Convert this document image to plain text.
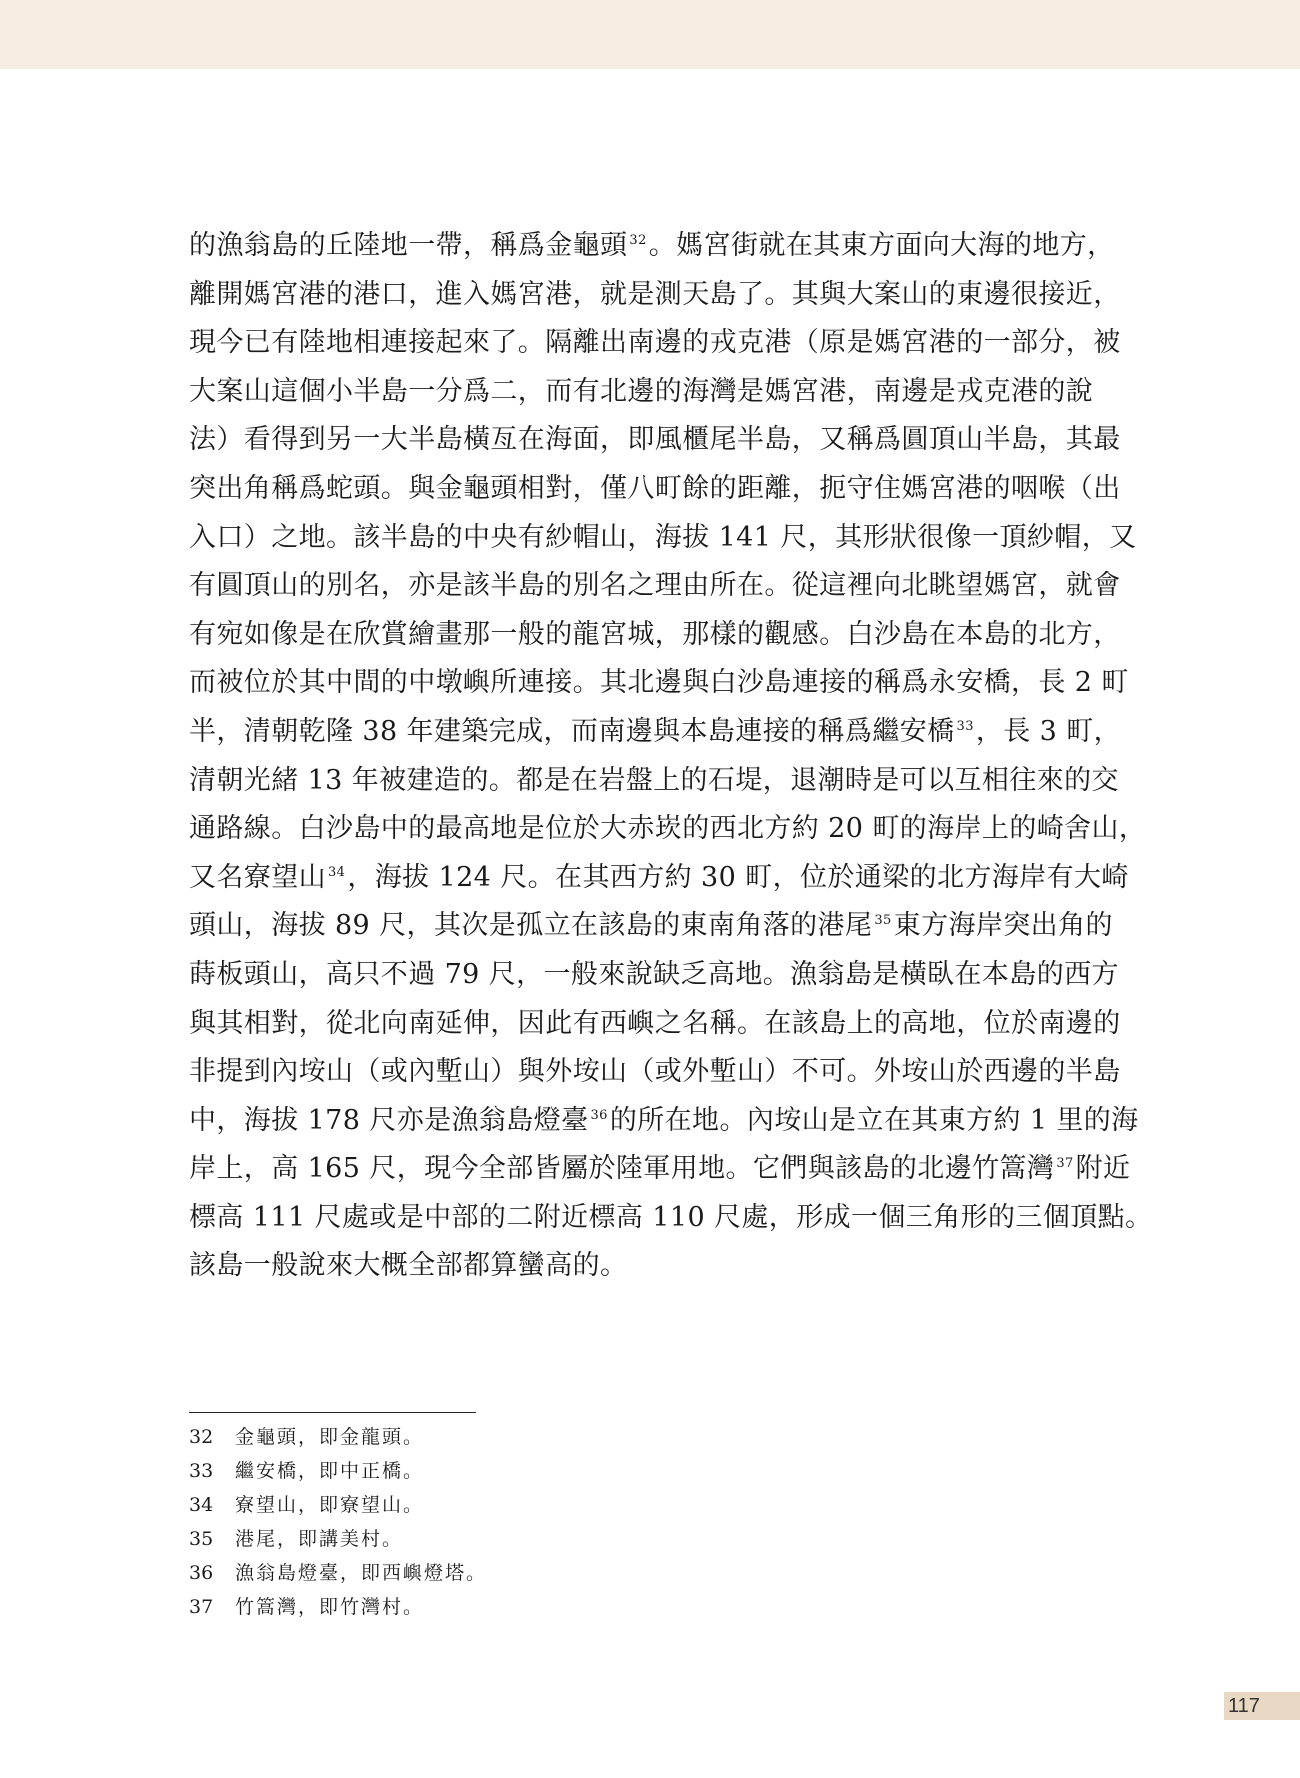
的漁翁島的丘陸地一帶，稱爲金龜頭 $^{32}$。媽宮街就在其東方面向大海的地方，
離開媽宮港的港口，進入媽宮港，就是測天島了。其與大案山的東邊很接近，
現今已有陸地相連接起來了。隔離出南邊的戎克港（原是媽宮港的一部分，被
大案山這個小半島一分爲二，而有北邊的海灣是媽宮港，南邊是戎克港的說
法）看得到另一大半島橫亙在海面，即風櫃尾半島，又稱爲圓頂山半島，其最
突出角稱爲蛇頭。與金龜頭相對，僅八町餘的距離，扼守住媽宮港的咽喉（出
入口）之地。該半島的中央有紗帽山，海拔 141 尺，其形狀很像一頂紗帽，又
有圓頂山的別名，亦是該半島的別名之理由所在。從這裡向北眺望媽宮，就會
有宛如像是在欣賞繪畫那一般的龍宮城，那樣的觀感。白沙島在本島的北方，
而被位於其中間的中墩嶼所連接。其北邊與白沙島連接的稱爲永安橋，長 2 町
半，清朝乾隆 38 年建築完成，而南邊與本島連接的稱爲繼安橋 $^{33}$，長 3 町，
清朝光緒 13 年被建造的。都是在岩盤上的石堤，退潮時是可以互相往來的交
通路線。白沙島中的最高地是位於大赤崁的西北方約 20 町的海岸上的崎舍山，
又名寮望山 $^{34}$，海拔 124 尺。在其西方約 30 町，位於通梁的北方海岸有大崎
頭山，海拔 89 尺，其次是孤立在該島的東南角落的港尾 $^{35}$東方海岸突出角的
蒔板頭山，高只不過 79 尺，一般來說缺乏高地。漁翁島是橫臥在本島的西方
與其相對，從北向南延伸，因此有西嶼之名稱。在該島上的高地，位於南邊的
非提到內垵山（或內塹山）與外垵山（或外塹山）不可。外垵山於西邊的半島
中，海拔 178 尺亦是漁翁島燈臺 $^{36}$的所在地。內垵山是立在其東方約 1 里的海
岸上，高 165 尺，現今全部皆屬於陸軍用地。它們與該島的北邊竹篙灣 $^{37}$附近
標高 111 尺處或是中部的二附近標高 110 尺處，形成一個三角形的三個頂點。
該島一般說來大概全部都算蠻高的。
32 金龜頭，即金龍頭。
33 繼安橋，即中正橋。
34 寮望山，即寮望山。
35 港尾，即講美村。
36 漁翁島燈臺，即西嶼燈塔。
37 竹篙灣，即竹灣村。
117
